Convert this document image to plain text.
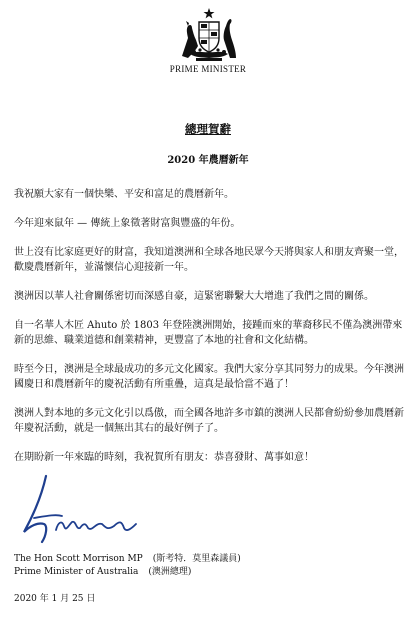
PRIME MINISTER
總理賀辭
2020 年農曆新年

我祝願大家有一個快樂、平安和富足的農曆新年。

今年迎來鼠年 — 傳統上象徵著財富與豐盛的年份。

世上沒有比家庭更好的財富，我知道澳洲和全球各地民眾今天將與家人和朋友齊聚一堂，歡慶農曆新年，並滿懷信心迎接新一年。

澳洲因以華人社會關係密切而深感自豪，這緊密聯繫大大增進了我們之間的關係。

自一名華人木匠 Ahuto 於 1803 年登陸澳洲開始，接踵而來的華裔移民不僅為澳洲帶來新的思維、職業道德和創業精神，更豐富了本地的社會和文化結構。

時至今日，澳洲是全球最成功的多元文化國家。我們大家分享其同努力的成果。今年澳洲國慶日和農曆新年的慶祝活動有所重疊，這真是最恰當不過了！

澳洲人對本地的多元文化引以爲傲，而全國各地許多市鎮的澳洲人民都會紛紛參加農曆新年慶祝活動，就是一個無出其右的最好例子了。

在期盼新一年來臨的時刻，我祝賀所有朋友：恭喜發財、萬事如意！

The Hon Scott Morrison MP (斯考特．莫里森議員)
Prime Minister of Australia (澳洲總理)
2020 年 1 月 25 日
